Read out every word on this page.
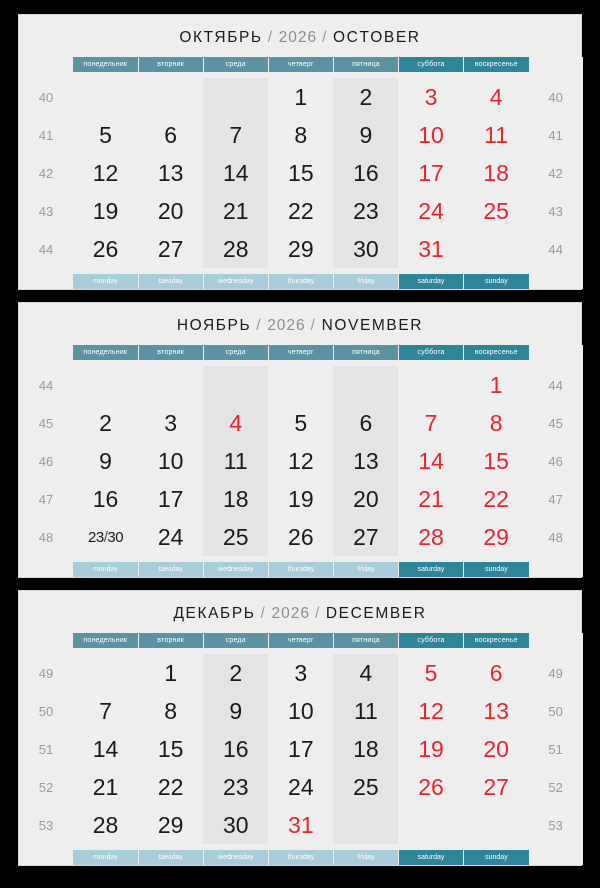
ОКТЯБРЬ / 2026 / OCTOBER
	понедельник	вторник	среда	четверг	пятница	суббота	воскресенье	

40				1	2	3	4	40
41	5	6	7	8	9	10	11	41
42	12	13	14	15	16	17	18	42
43	19	20	21	22	23	24	25	43
44	26	27	28	29	30	31		44

	monday	tuesday	wednesday	thursday	friday	saturday	sunday	
НОЯБРЬ / 2026 / NOVEMBER
	понедельник	вторник	среда	четверг	пятница	суббота	воскресенье	

44							1	44
45	2	3	4	5	6	7	8	45
46	9	10	11	12	13	14	15	46
47	16	17	18	19	20	21	22	47
48	23/30	24	25	26	27	28	29	48

	monday	tuesday	wednesday	thursday	friday	saturday	sunday	
ДЕКАБРЬ / 2026 / DECEMBER
	понедельник	вторник	среда	четверг	пятница	суббота	воскресенье	

49		1	2	3	4	5	6	49
50	7	8	9	10	11	12	13	50
51	14	15	16	17	18	19	20	51
52	21	22	23	24	25	26	27	52
53	28	29	30	31				53

	monday	tuesday	wednesday	thursday	friday	saturday	sunday	
